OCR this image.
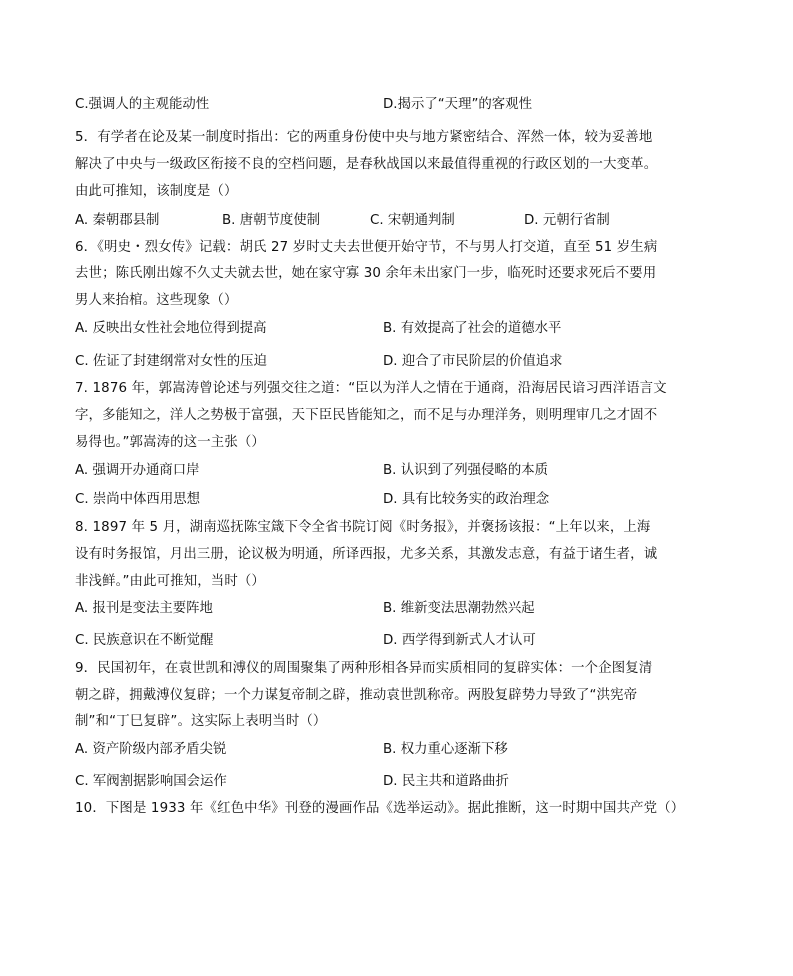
C.强调人的主观能动性	D.揭示了“天理”的客观性
5．有学者在论及某一制度时指出：它的两重身份使中央与地方紧密结合、浑然一体，较为妥善地
解决了中央与一级政区衔接不良的空档问题，是春秋战国以来最值得重视的行政区划的一大变革。
由此可推知，该制度是（）
A. 秦朝郡县制	B. 唐朝节度使制	C. 宋朝通判制	D. 元朝行省制
6．《明史・烈女传》记载：胡氏 27 岁时丈夫去世便开始守节，不与男人打交道，直至 51 岁生病
去世；陈氏刚出嫁不久丈夫就去世，她在家守寡 30 余年未出家门一步，临死时还要求死后不要用
男人来抬棺。这些现象（）
A. 反映出女性社会地位得到提高	B. 有效提高了社会的道德水平
C. 佐证了封建纲常对女性的压迫	D. 迎合了市民阶层的价值追求
7. 1876 年，郭嵩涛曾论述与列强交往之道：“臣以为洋人之情在于通商，沿海居民谙习西洋语言文
字，多能知之，洋人之势极于富强，天下臣民皆能知之，而不足与办理洋务，则明理审几之才固不
易得也。”郭嵩涛的这一主张（）
A. 强调开办通商口岸	B. 认识到了列强侵略的本质
C. 崇尚中体西用思想	D. 具有比较务实的政治理念
8. 1897 年 5 月，湖南巡抚陈宝箴下令全省书院订阅《时务报》，并褒扬该报：“上年以来，上海
设有时务报馆，月出三册，论议极为明通，所译西报，尤多关系，其激发志意，有益于诸生者，诚
非浅鲜。”由此可推知，当时（）
A. 报刊是变法主要阵地	B. 维新变法思潮勃然兴起
C. 民族意识在不断觉醒	D. 西学得到新式人才认可
9．民国初年，在袁世凯和溥仪的周围聚集了两种形相各异而实质相同的复辟实体：一个企图复清
朝之辟，拥戴溥仪复辟；一个力谋复帝制之辟，推动袁世凯称帝。两股复辟势力导致了“洪宪帝
制”和“丁巳复辟”。这实际上表明当时（）
A. 资产阶级内部矛盾尖锐	B. 权力重心逐渐下移
C. 军阀割据影响国会运作	D. 民主共和道路曲折
10．下图是 1933 年《红色中华》刊登的漫画作品《选举运动》。据此推断，这一时期中国共产党（）
